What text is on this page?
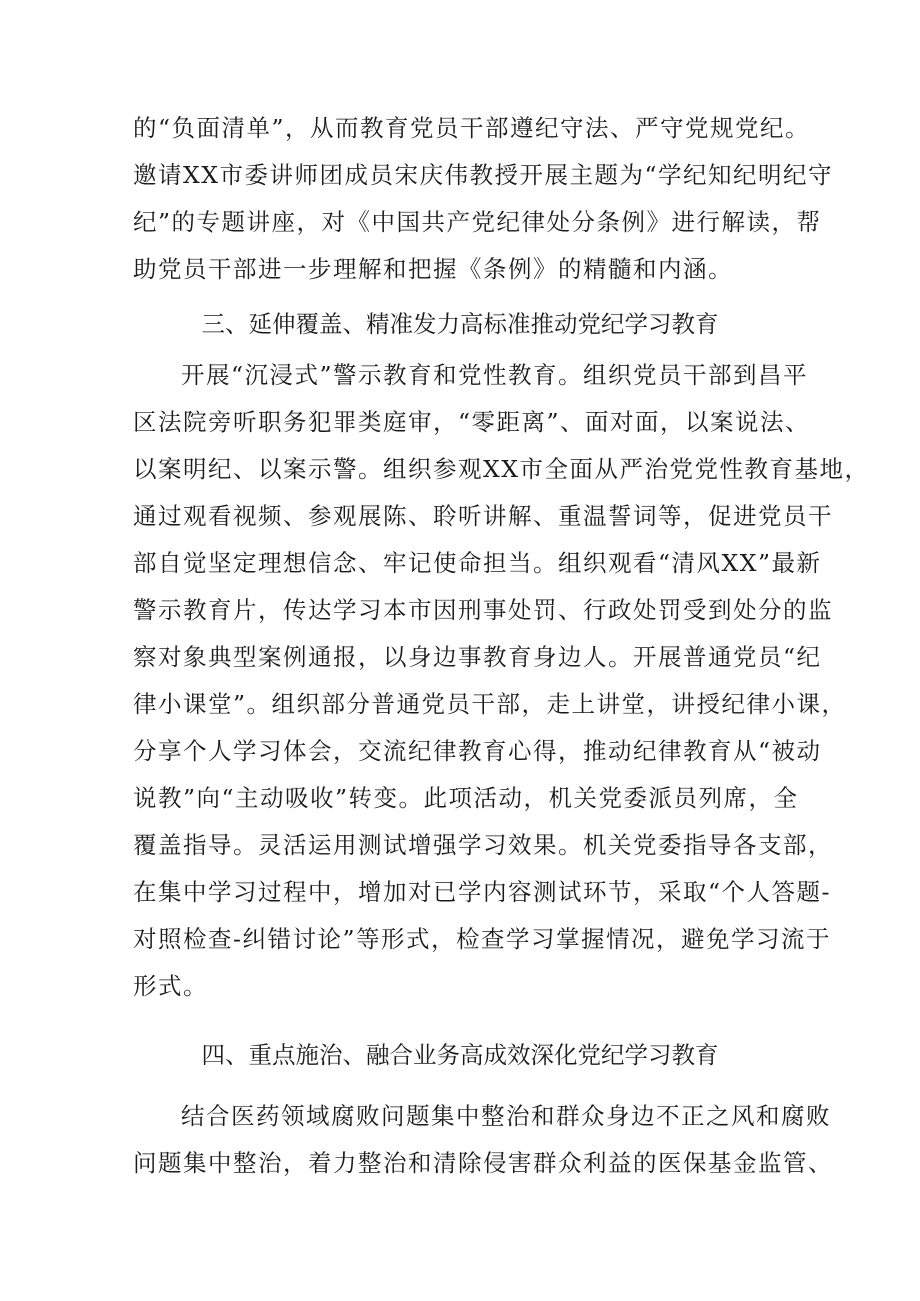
的“负面清单”，从而教育党员干部遵纪守法、严守党规党纪。
邀请XX市委讲师团成员宋庆伟教授开展主题为“学纪知纪明纪守
纪”的专题讲座，对《中国共产党纪律处分条例》进行解读，帮
助党员干部进一步理解和把握《条例》的精髓和内涵。
三、延伸覆盖、精准发力高标准推动党纪学习教育
开展“沉浸式”警示教育和党性教育。组织党员干部到昌平
区法院旁听职务犯罪类庭审，“零距离”、面对面，以案说法、
以案明纪、以案示警。组织参观XX市全面从严治党党性教育基地，
通过观看视频、参观展陈、聆听讲解、重温誓词等，促进党员干
部自觉坚定理想信念、牢记使命担当。组织观看“清风XX”最新
警示教育片，传达学习本市因刑事处罚、行政处罚受到处分的监
察对象典型案例通报，以身边事教育身边人。开展普通党员“纪
律小课堂”。组织部分普通党员干部，走上讲堂，讲授纪律小课，
分享个人学习体会，交流纪律教育心得，推动纪律教育从“被动
说教”向“主动吸收”转变。此项活动，机关党委派员列席，全
覆盖指导。灵活运用测试增强学习效果。机关党委指导各支部，
在集中学习过程中，增加对已学内容测试环节，采取“个人答题-
对照检查-纠错讨论”等形式，检查学习掌握情况，避免学习流于
形式。
四、重点施治、融合业务高成效深化党纪学习教育
结合医药领域腐败问题集中整治和群众身边不正之风和腐败
问题集中整治，着力整治和清除侵害群众利益的医保基金监管、
